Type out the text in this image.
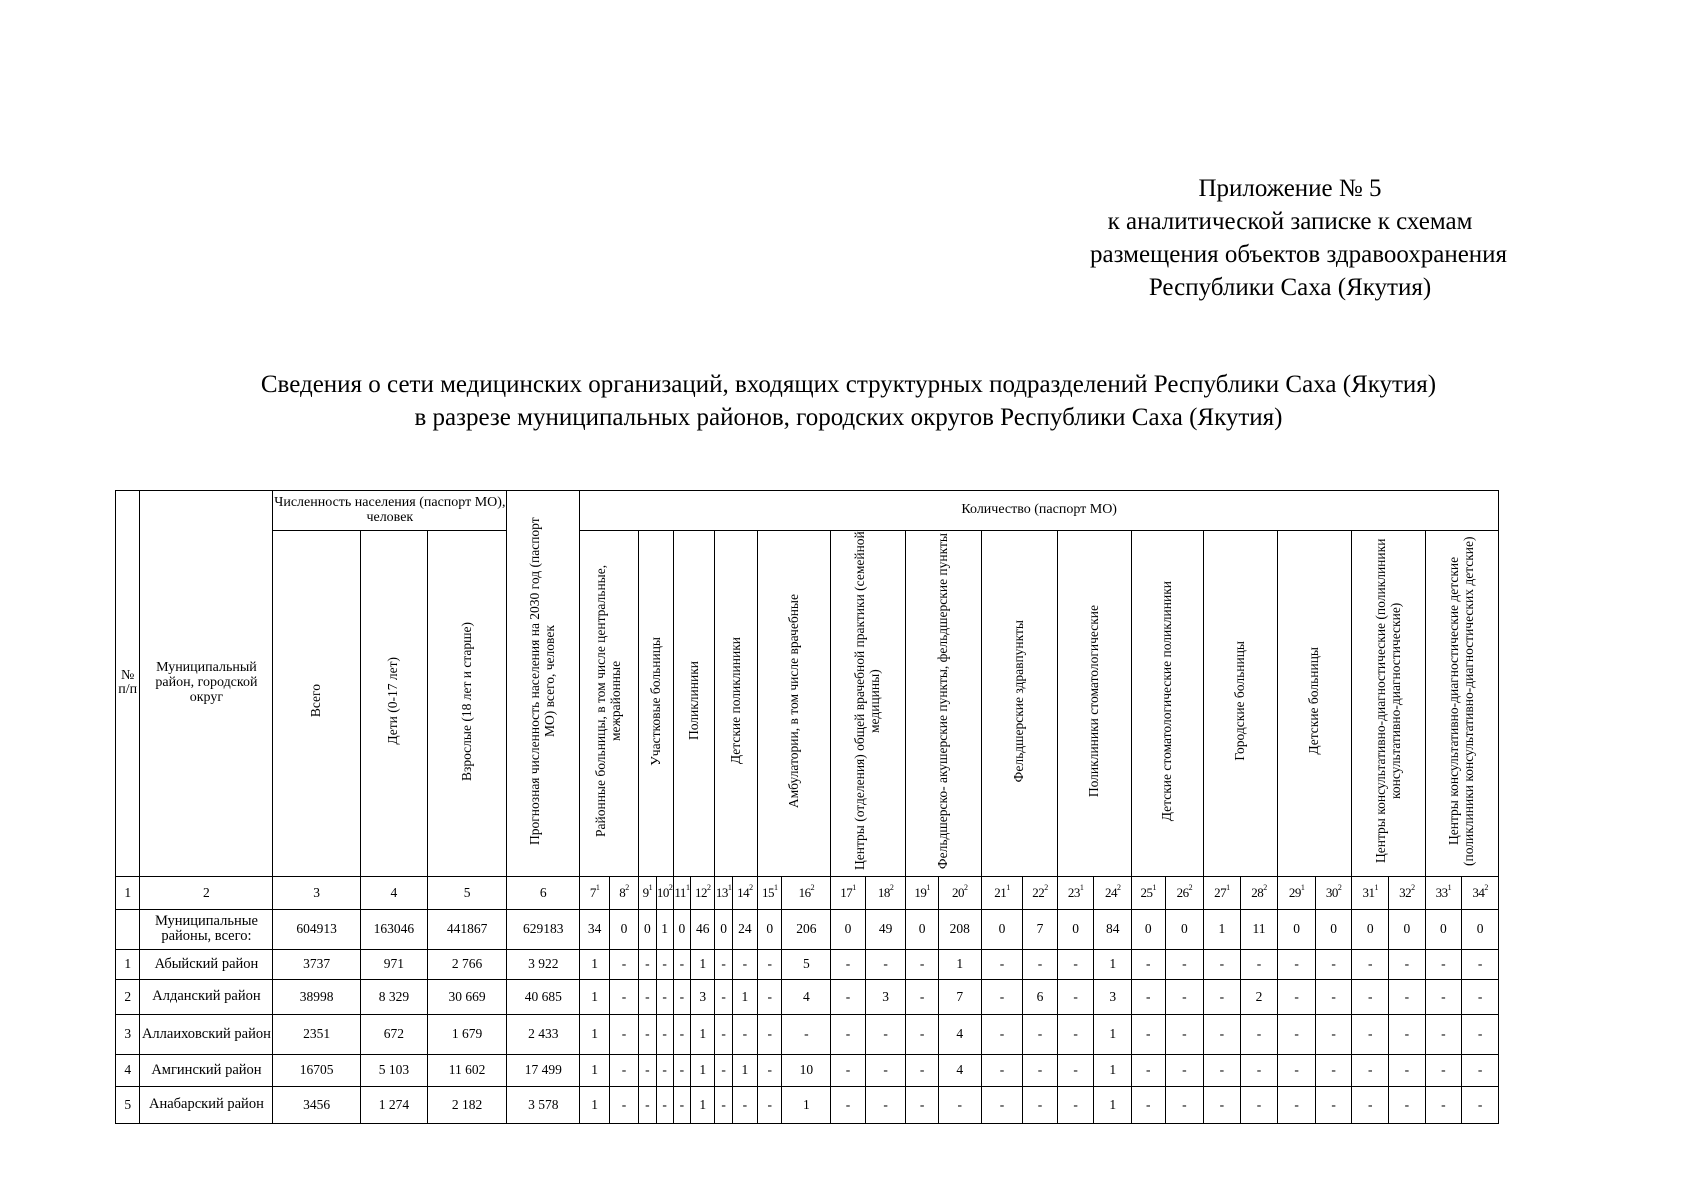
Приложение № 5
к аналитической записке к схемам
размещения объектов здравоохранения
Республики Саха (Якутия)
Сведения о сети медицинских организаций, входящих структурных подразделений Республики Саха (Якутия)
в разрезе муниципальных районов, городских округов Республики Саха (Якутия)
№ п/п	Муниципальный район, городской округ	Численность населения (паспорт МО), человек			Прогнозная численность населения на 2030 год (паспорт МО) всего, человек	Количество (паспорт МО)																											
		Всего	Дети (0-17 лет)	Взрослые (18 лет и старше)		Районные больницы, в том числе центральные, межрайонные		Участковые больницы		Поликлиники		Детские поликлиники		Амбулатории, в том числе врачебные		Центры (отделения) общей врачебной практики (семейной медицины)		Фельдшерско- акушерские пункты, фельдшерские пункты		Фельдшерские здравпункты		Поликлиники стоматологические		Детские стоматологические поликлиники		Городские больницы		Детские больницы		Центры консультативно-диагностические (поликлиники консультативно-диагностические)		Центры консультативно-диагностические детские (поликлиники консультативно-диагностических детские)	
1	2	3	4	5	6	$7^1$	$8^2$	$9^1$	$10^2$	$11^1$	$12^2$	$13^1$	$14^2$	$15^1$	$16^2$	$17^1$	$18^2$	$19^1$	$20^2$	$21^1$	$22^2$	$23^1$	$24^2$	$25^1$	$26^2$	$27^1$	$28^2$	$29^1$	$30^2$	$31^1$	$32^2$	$33^1$	$34^2$
	Муниципальные районы, всего:	604913	163046	441867	629183	34	0	0	1	0	46	0	24	0	206	0	49	0	208	0	7	0	84	0	0	1	11	0	0	0	0	0	0
1	Абыйский район	3737	971	2 766	3 922	1	-	-	-	-	1	-	-	-	5	-	-	-	1	-	-	-	1	-	-	-	-	-	-	-	-	-	-
2	Алданский район	38998	8 329	30 669	40 685	1	-	-	-	-	3	-	1	-	4	-	3	-	7	-	6	-	3	-	-	-	2	-	-	-	-	-	-
3	Аллаиховский район	2351	672	1 679	2 433	1	-	-	-	-	1	-	-	-	-	-	-	-	4	-	-	-	1	-	-	-	-	-	-	-	-	-	-
4	Амгинский район	16705	5 103	11 602	17 499	1	-	-	-	-	1	-	1	-	10	-	-	-	4	-	-	-	1	-	-	-	-	-	-	-	-	-	-
5	Анабарский район	3456	1 274	2 182	3 578	1	-	-	-	-	1	-	-	-	1	-	-	-	-	-	-	-	1	-	-	-	-	-	-	-	-	-	-
